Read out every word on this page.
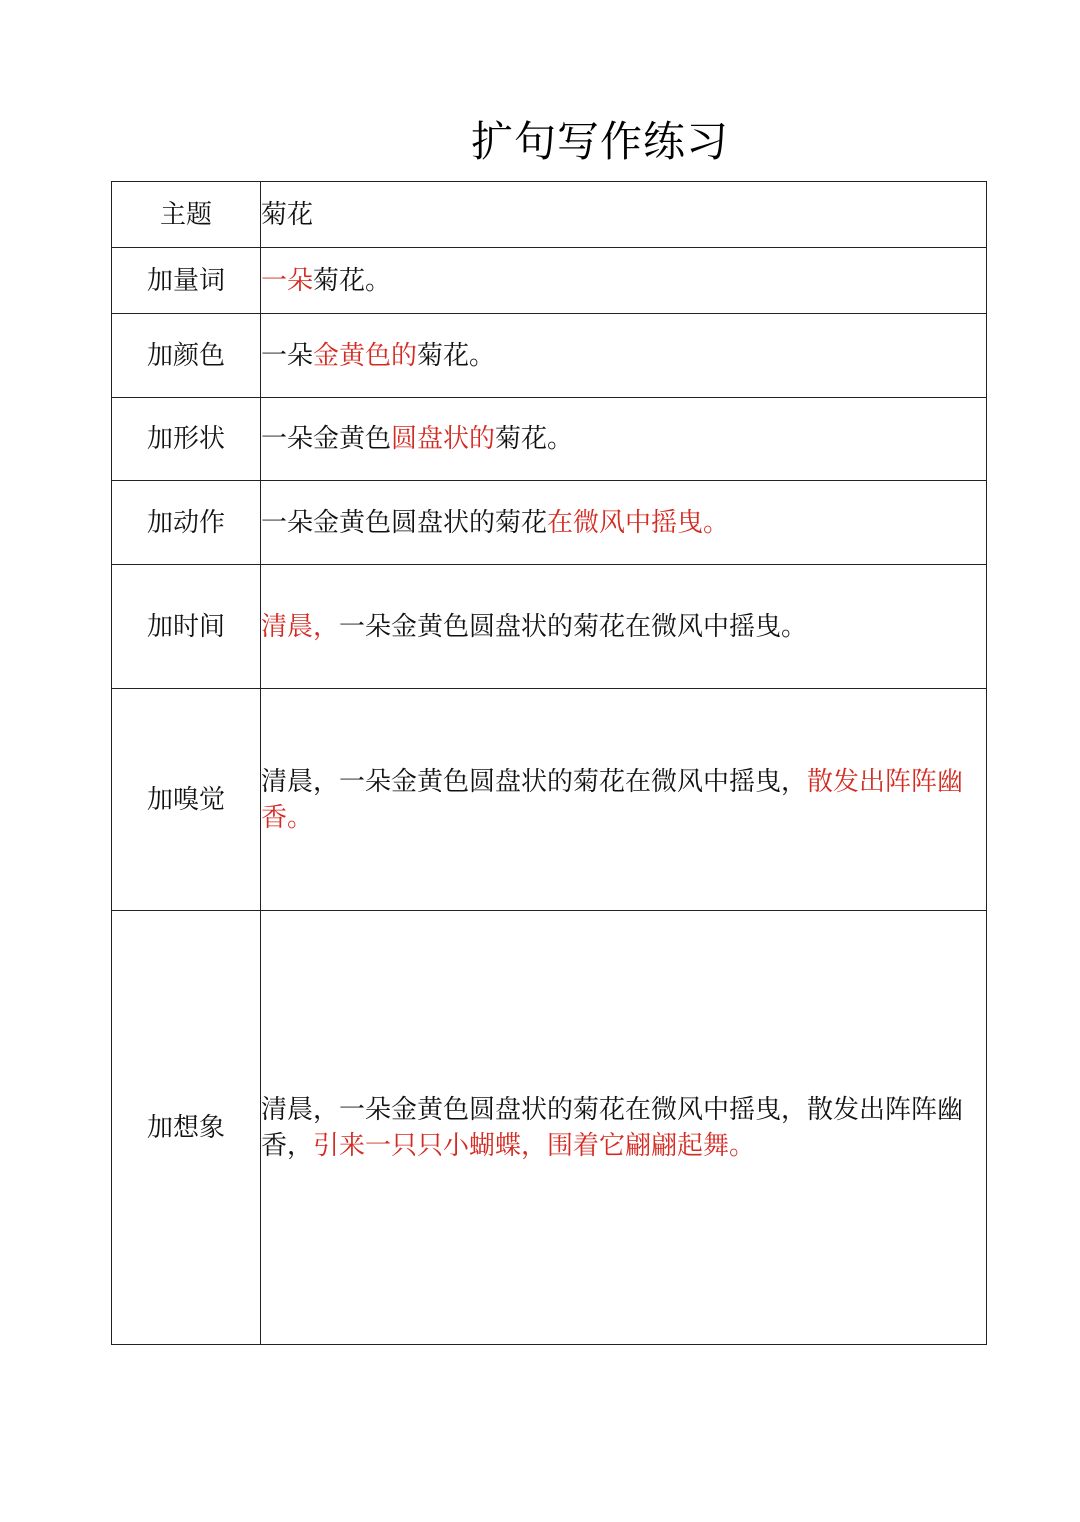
扩句写作练习
主题	菊花
加量词	一朵菊花。
加颜色	一朵金黄色的菊花。
加形状	一朵金黄色圆盘状的菊花。
加动作	一朵金黄色圆盘状的菊花在微风中摇曳。
加时间	清晨，一朵金黄色圆盘状的菊花在微风中摇曳。
加嗅觉	清晨，一朵金黄色圆盘状的菊花在微风中摇曳，散发出阵阵幽香。
加想象	清晨，一朵金黄色圆盘状的菊花在微风中摇曳，散发出阵阵幽香，引来一只只小蝴蝶，围着它翩翩起舞。
